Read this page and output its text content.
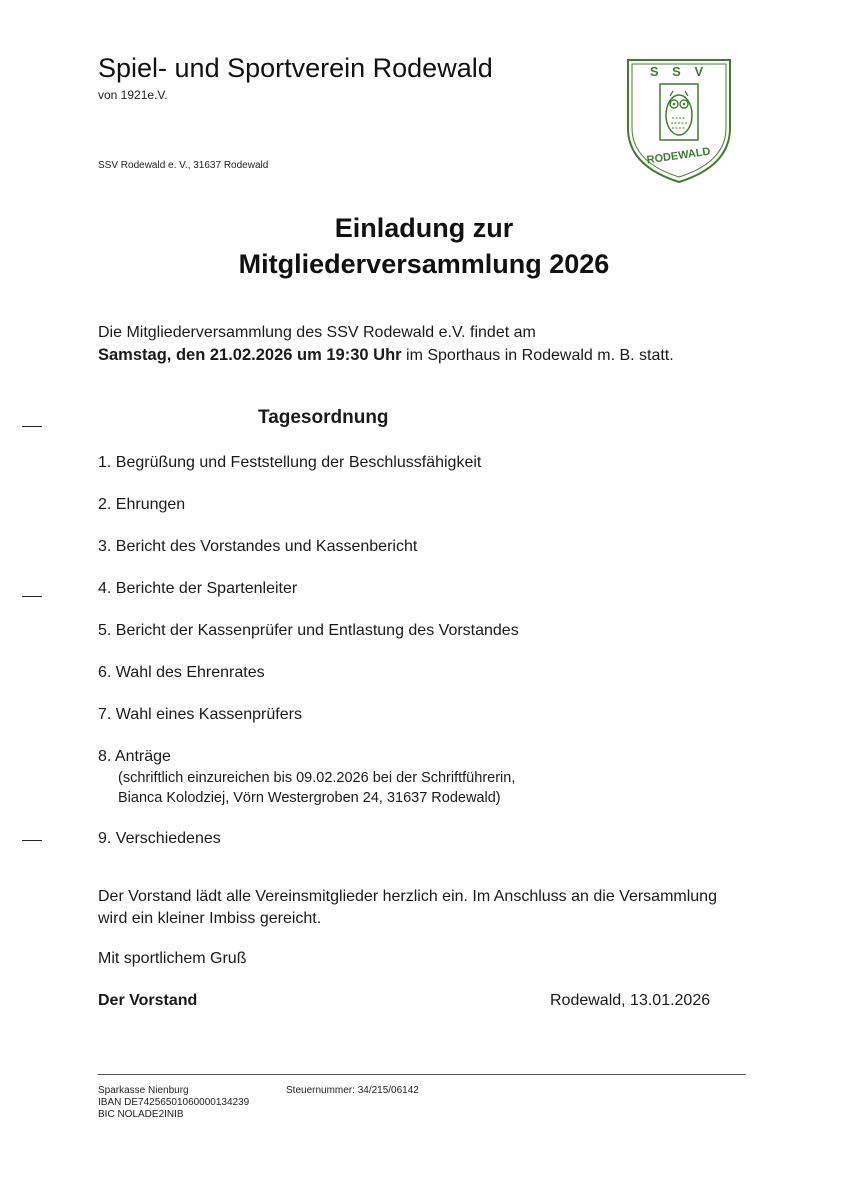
Spiel- und Sportverein Rodewald
von 1921e.V.
SSV Rodewald e. V., 31637 Rodewald
S S V
RODEWALD
Einladung zur
Mitgliederversammlung 2026
Die Mitgliederversammlung des SSV Rodewald e.V. findet am
Samstag, den 21.02.2026 um 19:30 Uhr im Sporthaus in Rodewald m. B. statt.
Tagesordnung
1. Begrüßung und Feststellung der Beschlussfähigkeit
2. Ehrungen
3. Bericht des Vorstandes und Kassenbericht
4. Berichte der Spartenleiter
5. Bericht der Kassenprüfer und Entlastung des Vorstandes
6. Wahl des Ehrenrates
7. Wahl eines Kassenprüfers
8. Anträge
(schriftlich einzureichen bis 09.02.2026 bei der Schriftführerin,
Bianca Kolodziej, Vörn Westergroben 24, 31637 Rodewald)
9. Verschiedenes
Der Vorstand lädt alle Vereinsmitglieder herzlich ein. Im Anschluss an die Versammlung wird ein kleiner Imbiss gereicht.
Mit sportlichem Gruß
Der Vorstand	Rodewald, 13.01.2026
Sparkasse Nienburg
IBAN DE74256501060000134239
BIC NOLADE2INIB
Steuernummer: 34/215/06142
